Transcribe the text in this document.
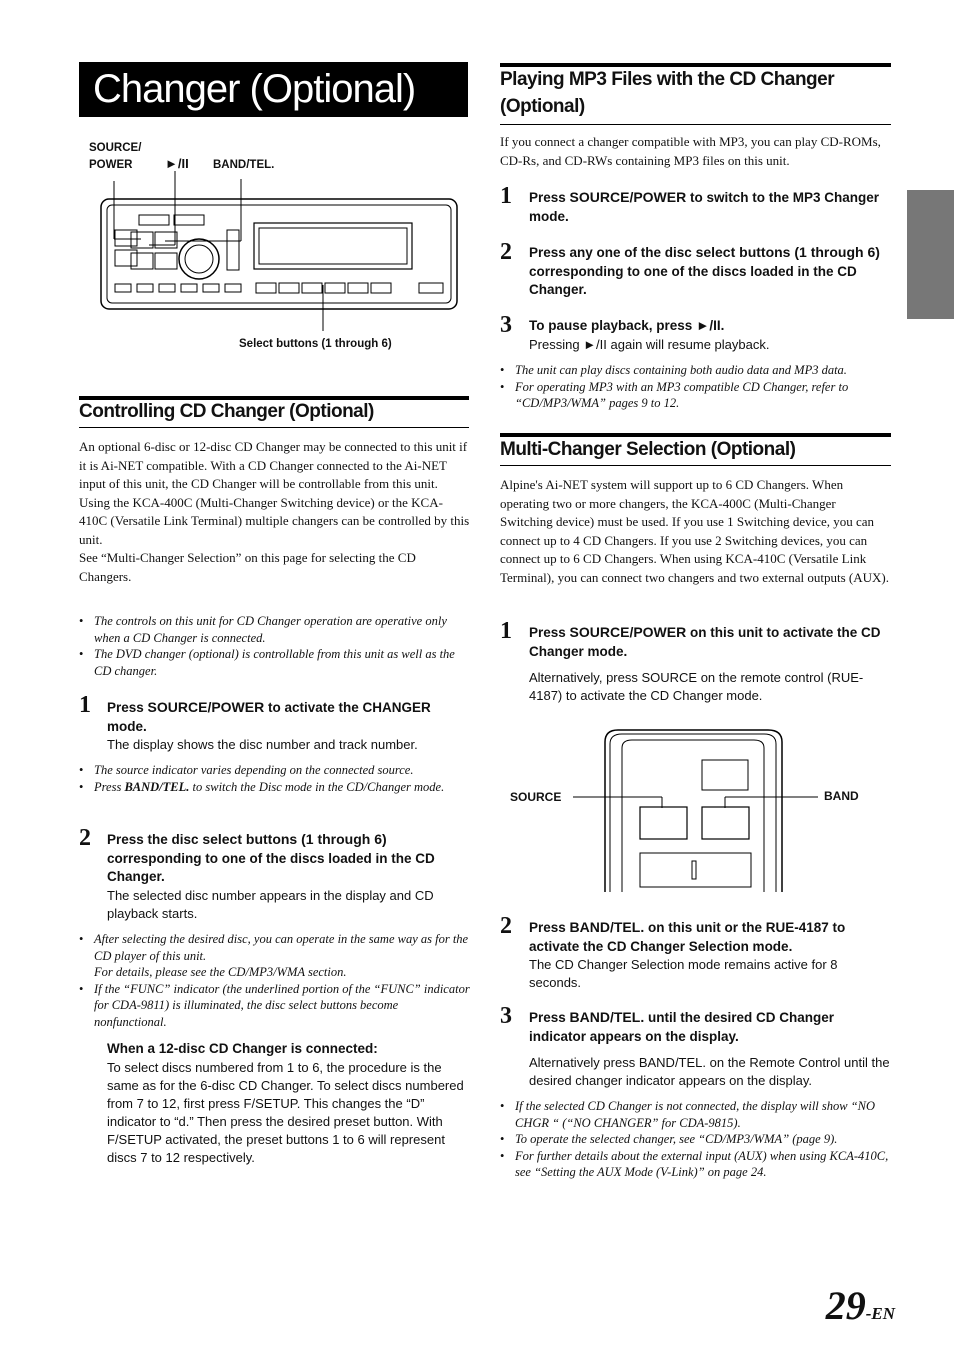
Changer (Optional)
SOURCE/
POWER	►/II BAND/TEL.
Select buttons (1 through 6)
Controlling CD Changer (Optional)
An optional 6-disc or 12-disc CD Changer may be connected to this unit if it is Ai-NET compatible. With a CD Changer connected to the Ai-NET input of this unit, the CD Changer will be controllable from this unit.
Using the KCA-400C (Multi-Changer Switching device) or the KCA-410C (Versatile Link Terminal) multiple changers can be controlled by this unit.
See “Multi-Changer Selection” on this page for selecting the CD Changers.
• The controls on this unit for CD Changer operation are operative only when a CD Changer is connected.
• The DVD changer (optional) is controllable from this unit as well as the CD changer.
1 Press SOURCE/POWER to activate the CHANGER mode.
The display shows the disc number and track number.
• The source indicator varies depending on the connected source.
• Press BAND/TEL. to switch the Disc mode in the CD/Changer mode.
2 Press the disc select buttons (1 through 6) corresponding to one of the discs loaded in the CD Changer.
The selected disc number appears in the display and CD playback starts.
• After selecting the desired disc, you can operate in the same way as for the CD player of this unit.
For details, please see the CD/MP3/WMA section.
• If the “FUNC” indicator (the underlined portion of the “FUNC” indicator for CDA-9811) is illuminated, the disc select buttons become nonfunctional.
When a 12-disc CD Changer is connected:
To select discs numbered from 1 to 6, the procedure is the same as for the 6-disc CD Changer. To select discs numbered from 7 to 12, first press F/SETUP. This changes the “D” indicator to “d.” Then press the desired preset button. With F/SETUP activated, the preset buttons 1 to 6 will represent discs 7 to 12 respectively.
Playing MP3 Files with the CD Changer (Optional)
If you connect a changer compatible with MP3, you can play CD-ROMs, CD-Rs, and CD-RWs containing MP3 files on this unit.
1 Press SOURCE/POWER to switch to the MP3 Changer mode.
2 Press any one of the disc select buttons (1 through 6) corresponding to one of the discs loaded in the CD Changer.
3 To pause playback, press ►/II.
Pressing ►/II again will resume playback.
• The unit can play discs containing both audio data and MP3 data.
• For operating MP3 with an MP3 compatible CD Changer, refer to “CD/MP3/WMA” pages 9 to 12.
Multi-Changer Selection (Optional)
Alpine's Ai-NET system will support up to 6 CD Changers. When operating two or more changers, the KCA-400C (Multi-Changer Switching device) must be used. If you use 1 Switching device, you can connect up to 4 CD Changers. If you use 2 Switching devices, you can connect up to 6 CD Changers. When using KCA-410C (Versatile Link Terminal), you can connect two changers and two external outputs (AUX).
1 Press SOURCE/POWER on this unit to activate the CD Changer mode.
Alternatively, press SOURCE on the remote control (RUE-4187) to activate the CD Changer mode.
SOURCE	BAND
2 Press BAND/TEL. on this unit or the RUE-4187 to activate the CD Changer Selection mode.
The CD Changer Selection mode remains active for 8 seconds.
3 Press BAND/TEL. until the desired CD Changer indicator appears on the display.
Alternatively press BAND/TEL. on the Remote Control until the desired changer indicator appears on the display.
• If the selected CD Changer is not connected, the display will show “NO CHGR “ (“NO CHANGER” for CDA-9815).
• To operate the selected changer, see “CD/MP3/WMA” (page 9).
• For further details about the external input (AUX) when using KCA-410C, see “Setting the AUX Mode (V-Link)” on page 24.
29-EN
